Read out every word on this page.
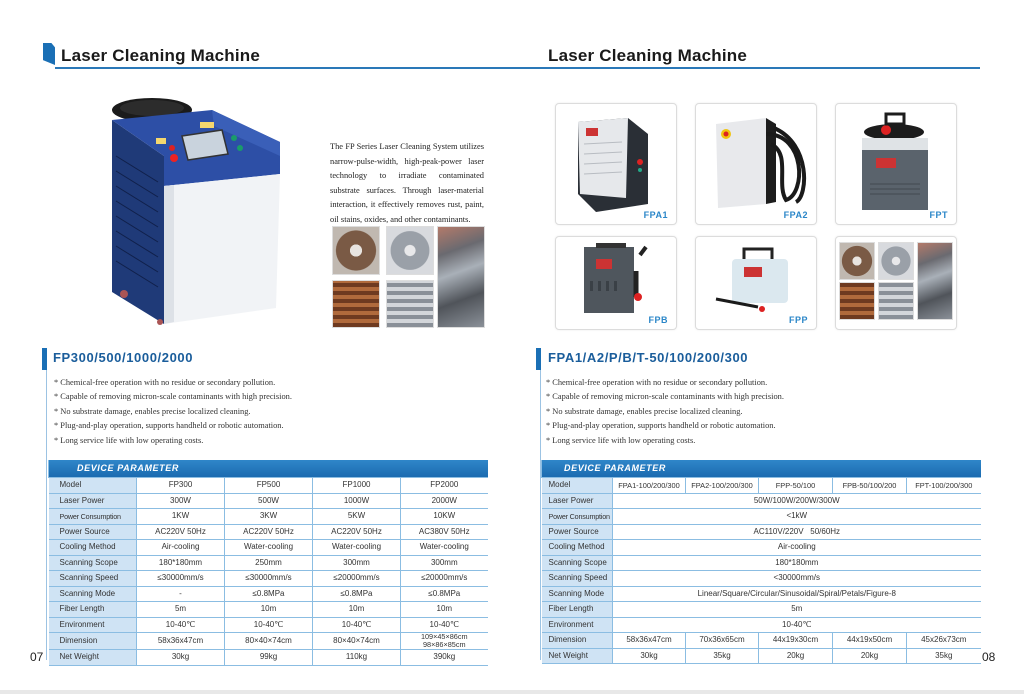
Laser Cleaning Machine
The FP Series Laser Cleaning System utilizes narrow-pulse-width, high-peak-power laser technology to irradiate contaminated substrate surfaces. Through laser-material interaction, it effectively removes rust, paint, oil stains, oxides, and other contaminants.
FP300/500/1000/2000
* Chemical-free operation with no residue or secondary pollution.
* Capable of removing micron-scale contaminants with high precision.
* No substrate damage, enables precise localized cleaning.
* Plug-and-play operation, supports handheld or robotic automation.
* Long service life with low operating costs.
DEVICE PARAMETER				
Model	FP300	FP500	FP1000	FP2000
Laser Power	300W	500W	1000W	2000W
Power Consumption	1KW	3KW	5KW	10KW
Power Source	AC220V 50Hz	AC220V 50Hz	AC220V 50Hz	AC380V 50Hz
Cooling Method	Air-cooling	Water-cooling	Water-cooling	Water-cooling
Scanning Scope	180*180mm	250mm	300mm	300mm
Scanning Speed	≤30000mm/s	≤30000mm/s	≤20000mm/s	≤20000mm/s
Scanning Mode	-	≤0.8MPa	≤0.8MPa	≤0.8MPa
Fiber Length	5m	10m	10m	10m
Environment	10-40℃	10-40℃	10-40℃	10-40℃
Dimension	58x36x47cm	80×40×74cm	80×40×74cm	109×45×86cm
98×86×85cm

Net Weight	30kg	99kg	110kg	390kg
07
Laser Cleaning Machine
FPA1	FPA2	FPT
FPB	FPP
FPA1/A2/P/B/T-50/100/200/300
* Chemical-free operation with no residue or secondary pollution.
* Capable of removing micron-scale contaminants with high precision.
* No substrate damage, enables precise localized cleaning.
* Plug-and-play operation, supports handheld or robotic automation.
* Long service life with low operating costs.
DEVICE PARAMETER					
Model	FPA1-100/200/300	FPA2-100/200/300	FPP-50/100	FPB-50/100/200	FPT-100/200/300
Laser Power	50W/100W/200W/300W				
Power Consumption	<1kW				
Power Source	AC110V/220V   50/60Hz				
Cooling Method	Air-cooling				
Scanning Scope	180*180mm				
Scanning Speed	<30000mm/s				
Scanning Mode	Linear/Square/Circular/Sinusoidal/Spiral/Petals/Figure-8				
Fiber Length	5m				
Environment	10-40℃				
Dimension	58x36x47cm	70x36x65cm	44x19x30cm	44x19x50cm	45x26x73cm
Net Weight	30kg	35kg	20kg	20kg	35kg 08
